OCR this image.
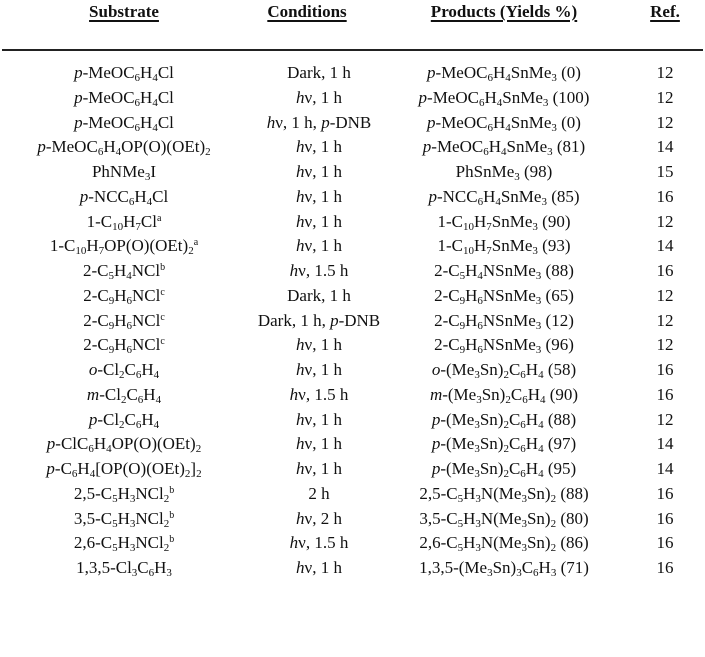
Substrate	Conditions	Products (Yields %)	Ref.
$p-MeOC_6H_4Cl$	Dark, 1 h	$p-MeOC_6H_4SnMe_3$ (0)	12
$p-MeOC_6H_4Cl$	hν, 1 h	$p-MeOC_6H_4SnMe_3$ (100)	12
$p-MeOC_6H_4Cl$	hν, 1 h, p-DNB	$p-MeOC_6H_4SnMe_3$ (0)	12
$p-MeOC_6H_4OP(O)(OEt)_2$	hν, 1 h	$p-MeOC_6H_4SnMe_3$ (81)	14
PhNMe$_3$I	hν, 1 h	PhSnMe$_3$ (98)	15
$p-NCC_6H_4Cl$	hν, 1 h	$p-NCC_6H_4SnMe_3$ (85)	16
$1-C_{10}H_7Cl^a$	hν, 1 h	$1-C_{10}H_7SnMe_3$ (90)	12
$1-C_{10}H_7OP(O)(OEt)_2^a$	hν, 1 h	$1-C_{10}H_7SnMe_3$ (93)	14
$2-C_5H_4NCl^b$	hν, 1.5 h	$2-C_5H_4NSnMe_3$ (88)	16
$2-C_9H_6NCl^c$	Dark, 1 h	$2-C_9H_6NSnMe_3$ (65)	12
$2-C_9H_6NCl^c$	Dark, 1 h, p-DNB	$2-C_9H_6NSnMe_3$ (12)	12
$2-C_9H_6NCl^c$	hν, 1 h	$2-C_9H_6NSnMe_3$ (96)	12
$o-Cl_2C_6H_4$	hν, 1 h	$o-(Me_3Sn)_2C_6H_4$ (58)	16
$m-Cl_2C_6H_4$	hν, 1.5 h	$m-(Me_3Sn)_2C_6H_4$ (90)	16
$p-Cl_2C_6H_4$	hν, 1 h	$p-(Me_3Sn)_2C_6H_4$ (88)	12
$p-ClC_6H_4OP(O)(OEt)_2$	hν, 1 h	$p-(Me_3Sn)_2C_6H_4$ (97)	14
$p-C_6H_4[OP(O)(OEt)_2]_2$	hν, 1 h	$p-(Me_3Sn)_2C_6H_4$ (95)	14
$2,5-C_5H_3NCl_2^b$	2 h	$2,5-C_5H_3N(Me_3Sn)_2$ (88)	16
$3,5-C_5H_3NCl_2^b$	hν, 2 h	$3,5-C_5H_3N(Me_3Sn)_2$ (80)	16
$2,6-C_5H_3NCl_2^b$	hν, 1.5 h	$2,6-C_5H_3N(Me_3Sn)_2$ (86)	16
$1,3,5-Cl_3C_6H_3$	hν, 1 h	$1,3,5-(Me_3Sn)_3C_6H_3$ (71)	16
